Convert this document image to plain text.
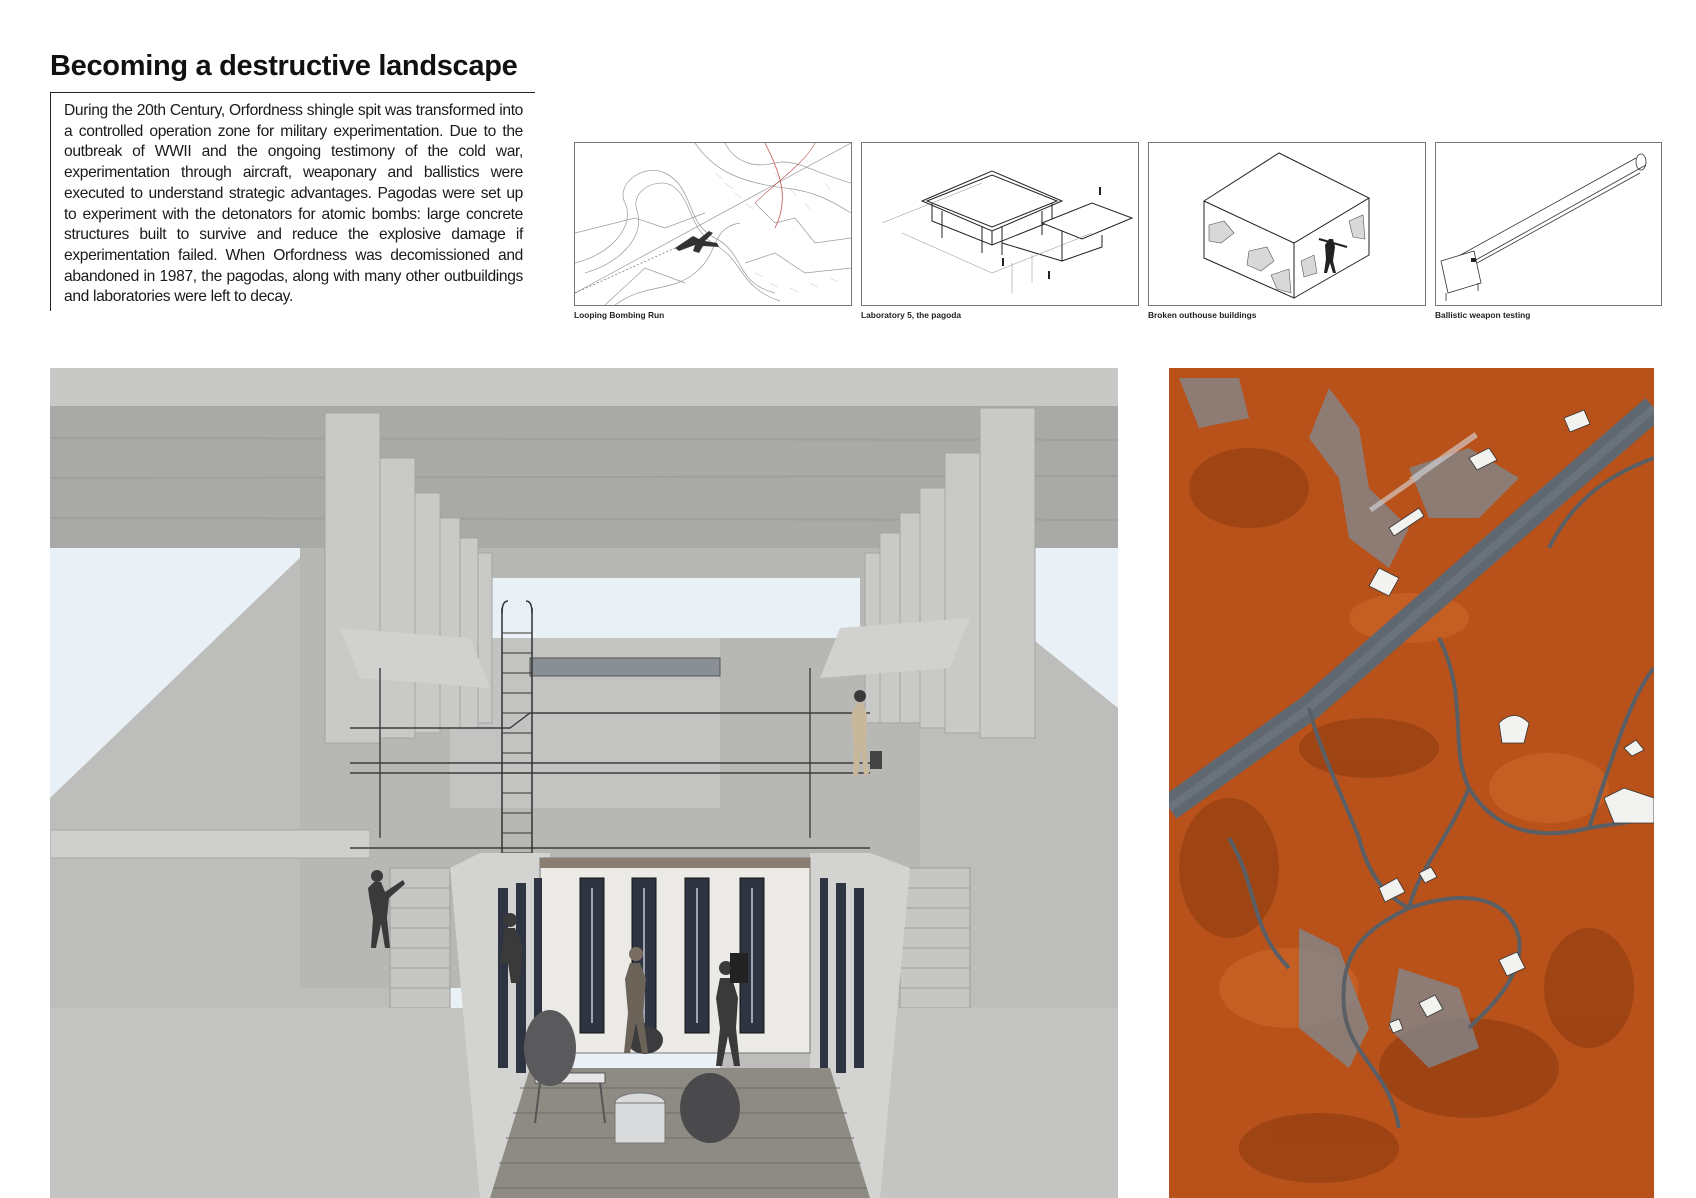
Becoming a destructive landscape
During the 20th Century, Orfordness shingle spit was transformed into a controlled operation zone for military experimentation. Due to the outbreak of WWII and the ongoing testimony of the cold war, experimentation through aircraft, weaponary and ballistics were executed to understand strategic advantages. Pagodas were set up to experiment with the detonators for atomic bombs: large concrete structures built to survive and reduce the explosive damage if experimentation failed. When Orfordness was decomissioned and abandoned in 1987, the pagodas, along with many other outbuildings and laboratories were left to decay.
Looping Bombing Run	Laboratory 5, the pagoda	Broken outhouse buildings	Ballistic weapon testing
